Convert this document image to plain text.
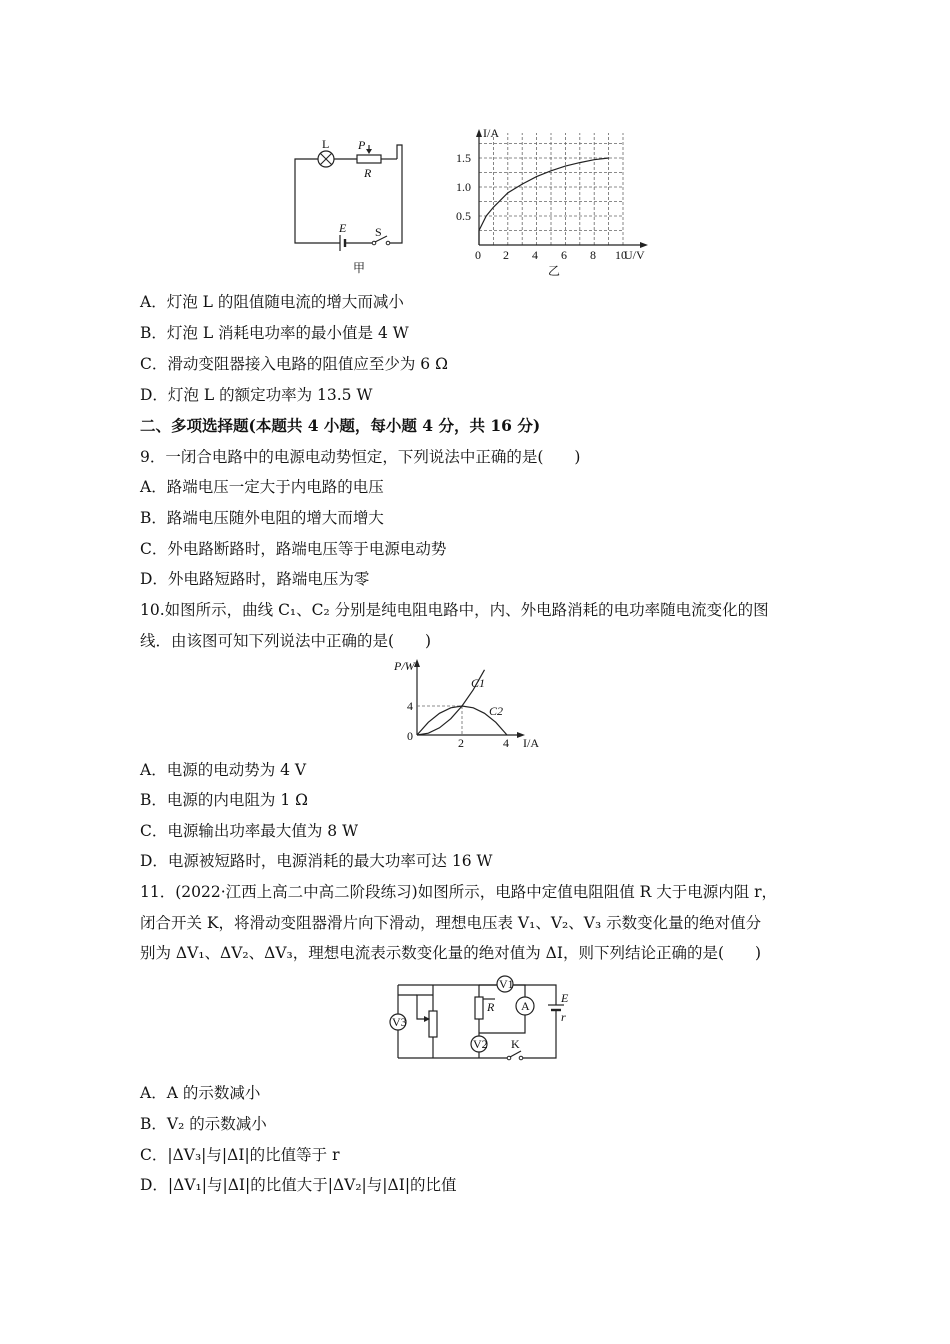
L P
R
E S
甲
I/A
U/V
1.5
1.0
0.5
0 2 4 6 8 10
乙
A．灯泡 L 的阻值随电流的增大而减小
B．灯泡 L 消耗电功率的最小值是 4 W
C．滑动变阻器接入电路的阻值应至少为 6 Ω
D．灯泡 L 的额定功率为 13.5 W
二、多项选择题(本题共 4 小题，每小题 4 分，共 16 分)
9．一闭合电路中的电源电动势恒定，下列说法中正确的是(　　)
A．路端电压一定大于内电路的电压
B．路端电压随外电阻的增大而增大
C．外电路断路时，路端电压等于电源电动势
D．外电路短路时，路端电压为零
10.如图所示，曲线 C₁、C₂ 分别是纯电阻电路中，内、外电路消耗的电功率随电流变化的图
线．由该图可知下列说法中正确的是(　　)
P/W
I/A
4
0	2	4
C1
C2
A．电源的电动势为 4 V
B．电源的内电阻为 1 Ω
C．电源输出功率最大值为 8 W
D．电源被短路时，电源消耗的最大功率可达 16 W
11．(2022·江西上高二中高二阶段练习)如图所示，电路中定值电阻阻值 R 大于电源内阻 r，
闭合开关 K，将滑动变阻器滑片向下滑动，理想电压表 V₁、V₂、V₃ 示数变化量的绝对值分
别为 ΔV₁、ΔV₂、ΔV₃，理想电流表示数变化量的绝对值为 ΔI，则下列结论正确的是(　　)
V3
R
V1
A
V2
E
r
K
A．A 的示数减小
B．V₂ 的示数减小
C．|ΔV₃|与|ΔI|的比值等于 r
D．|ΔV₁|与|ΔI|的比值大于|ΔV₂|与|ΔI|的比值
